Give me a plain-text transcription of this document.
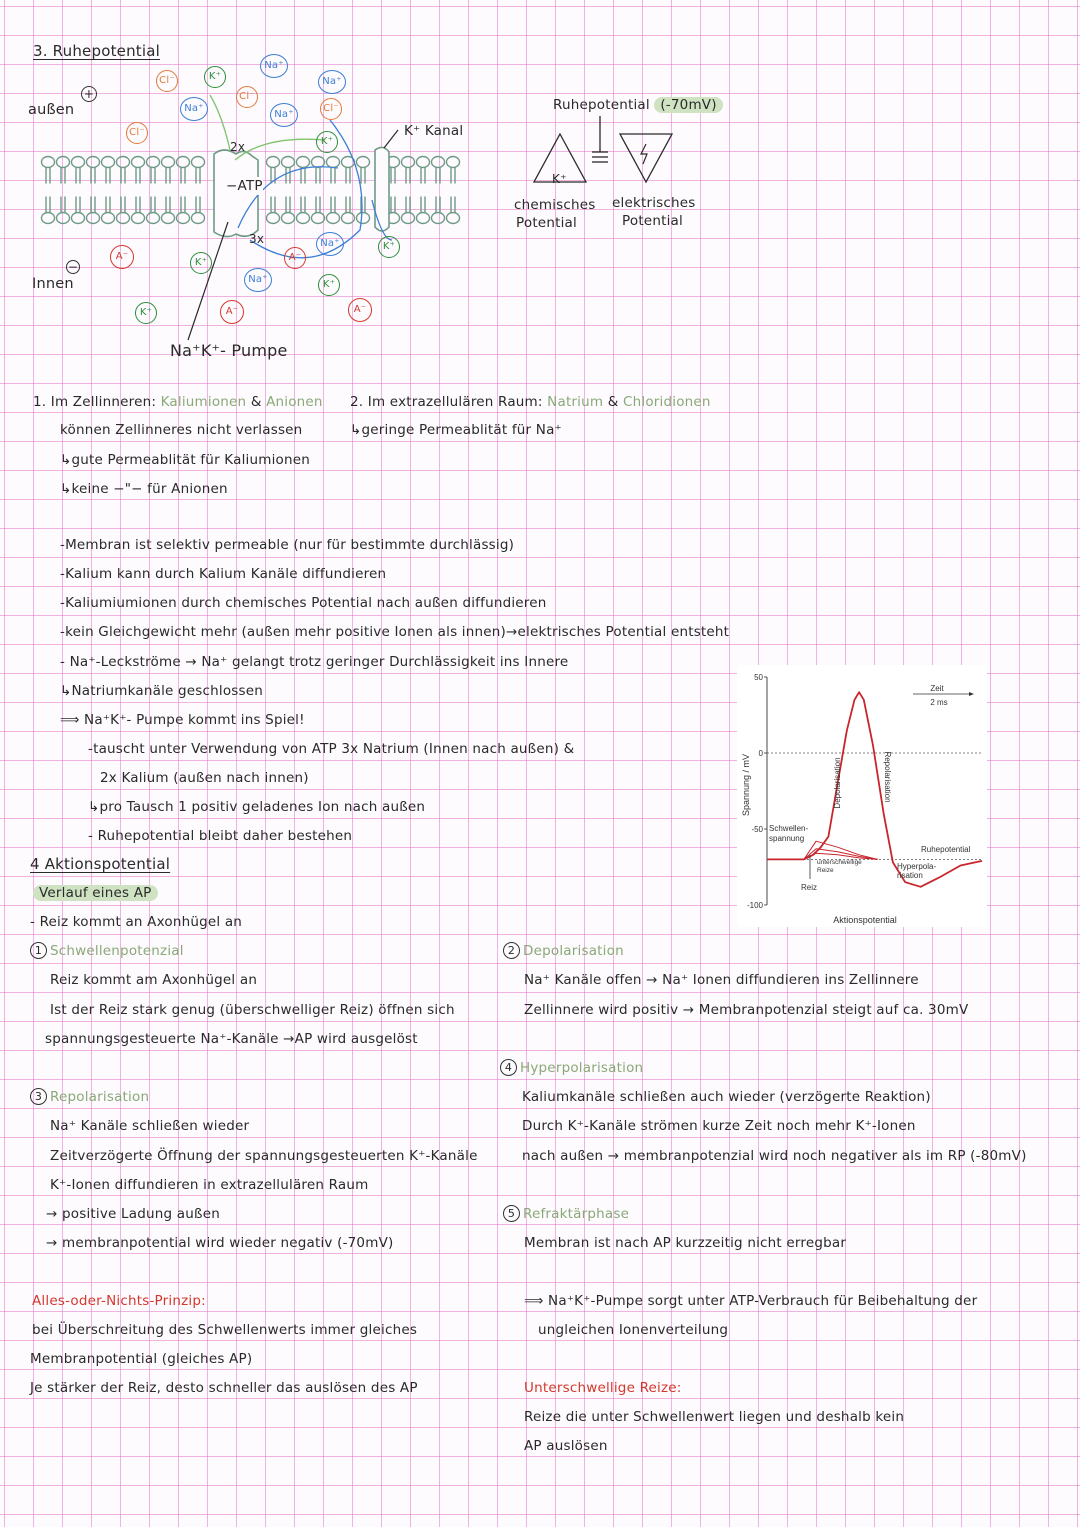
3. Ruhepotential
außen
+
Innen
−
Cl⁻	K⁺
Na⁺
Na⁺
Na⁺
Cl⁻
Na⁺
Cl⁻
Cl⁻
K⁺
A⁻
K⁺
Na⁺	K⁺
A⁻
Na⁺	K⁺
K⁺	A⁻	A⁻
2x
3x
−ATP
K⁺ Kanal
Na⁺K⁺- Pumpe
Ruhepotential (-70mV)
K⁺
chemisches
Potential
elektrisches
Potential
1. Im Zellinneren: Kaliumionen & Anionen
können Zellinneres nicht verlassen
↳gute Permeablität für Kaliumionen
↳keine −"− für Anionen
2. Im extrazellulären Raum: Natrium & Chloridionen
↳geringe Permeablität für Na⁺
-Membran ist selektiv permeable (nur für bestimmte durchlässig)
-Kalium kann durch Kalium Kanäle diffundieren
-Kaliumiumionen durch chemisches Potential nach außen diffundieren
-kein Gleichgewicht mehr (außen mehr positive Ionen als innen)→elektrisches Potential entsteht
- Na⁺-Leckströme → Na⁺ gelangt trotz geringer Durchlässigkeit ins Innere
↳Natriumkanäle geschlossen
⟹ Na⁺K⁺- Pumpe kommt ins Spiel!
-tauscht unter Verwendung von ATP 3x Natrium (Innen nach außen) &
2x Kalium (außen nach innen)
↳pro Tausch 1 positiv geladenes Ion nach außen
- Ruhepotential bleibt daher bestehen
4 Aktionspotential
Verlauf eines AP
- Reiz kommt an Axonhügel an
1 Schwellenpotenzial
Reiz kommt am Axonhügel an
Ist der Reiz stark genug (überschwelliger Reiz) öffnen sich
spannungsgesteuerte Na⁺-Kanäle →AP wird ausgelöst
2 Depolarisation
Na⁺ Kanäle offen → Na⁺ Ionen diffundieren ins Zellinnere
Zellinnere wird positiv → Membranpotenzial steigt auf ca. 30mV
3 Repolarisation
Na⁺ Kanäle schließen wieder
Zeitverzögerte Öffnung der spannungsgesteuerten K⁺-Kanäle
K⁺-Ionen diffundieren in extrazellulären Raum
→ positive Ladung außen
→ membranpotential wird wieder negativ (-70mV)
4 Hyperpolarisation
Kaliumkanäle schließen auch wieder (verzögerte Reaktion)
Durch K⁺-Kanäle strömen kurze Zeit noch mehr K⁺-Ionen
nach außen → membranpotenzial wird noch negativer als im RP (-80mV)
5 Refraktärphase
Membran ist nach AP kurzzeitig nicht erregbar
Alles-oder-Nichts-Prinzip:
bei Überschreitung des Schwellenwerts immer gleiches
Membranpotential (gleiches AP)
Je stärker der Reiz, desto schneller das auslösen des AP
⟹ Na⁺K⁺-Pumpe sorgt unter ATP-Verbrauch für Beibehaltung der
ungleichen Ionenverteilung
Unterschwellige Reize:
Reize die unter Schwellenwert liegen und deshalb kein
AP auslösen
50
0
-50
-100
Spannung / mV
Aktionspotential
Zeit
2 ms
Depolarisation	Repolarisation
Schwellen-
spannung
Ruhepotential
unterschwellige
Reize	Hyperpola-
risation
Reiz
